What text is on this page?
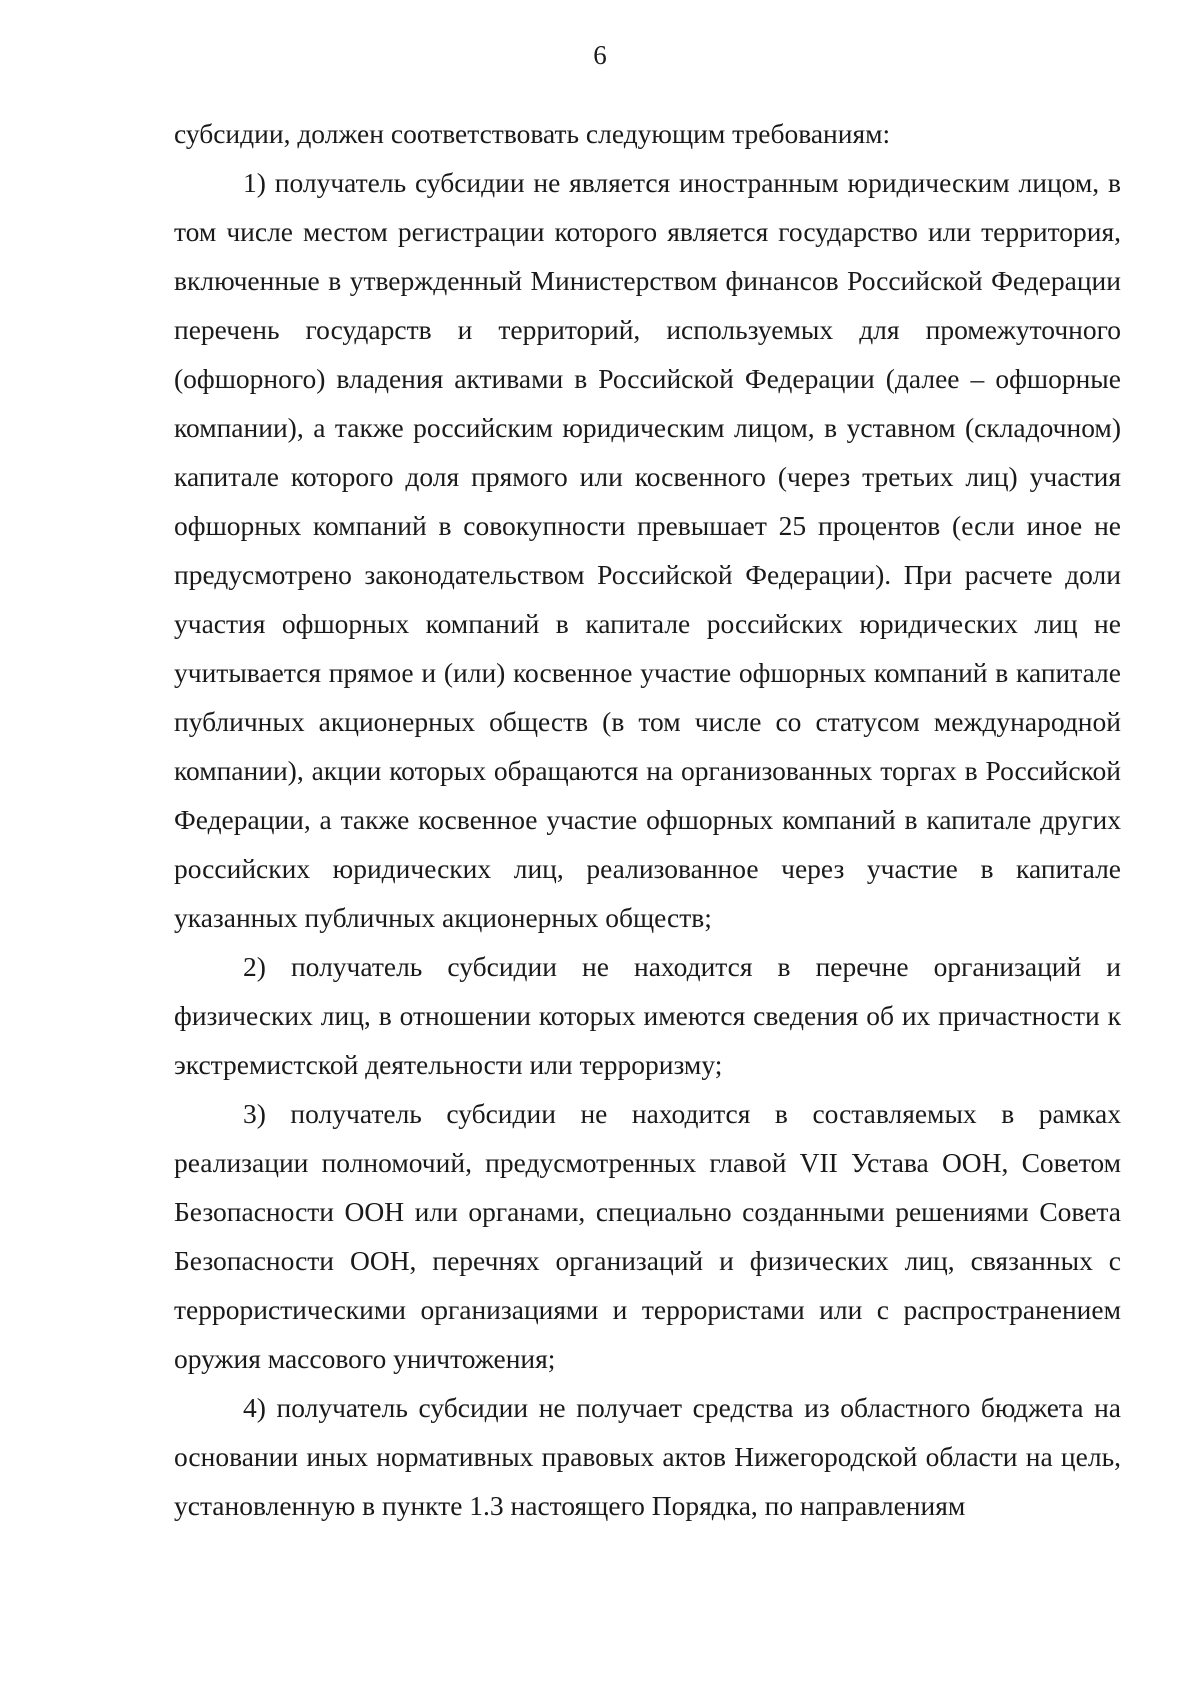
6

субсидии, должен соответствовать следующим требованиям:

1) получатель субсидии не является иностранным юридическим лицом, в том числе местом регистрации которого является государство или территория, включенные в утвержденный Министерством финансов Российской Федерации перечень государств и территорий, используемых для промежуточного (офшорного) владения активами в Российской Федерации (далее – офшорные компании), а также российским юридическим лицом, в уставном (складочном) капитале которого доля прямого или косвенного (через третьих лиц) участия офшорных компаний в совокупности превышает 25 процентов (если иное не предусмотрено законодательством Российской Федерации). При расчете доли участия офшорных компаний в капитале российских юридических лиц не учитывается прямое и (или) косвенное участие офшорных компаний в капитале публичных акционерных обществ (в том числе со статусом международной компании), акции которых обращаются на организованных торгах в Российской Федерации, а также косвенное участие офшорных компаний в капитале других российских юридических лиц, реализованное через участие в капитале указанных публичных акционерных обществ;

2) получатель субсидии не находится в перечне организаций и физических лиц, в отношении которых имеются сведения об их причастности к экстремистской деятельности или терроризму;

3) получатель субсидии не находится в составляемых в рамках реализации полномочий, предусмотренных главой VII Устава ООН, Советом Безопасности ООН или органами, специально созданными решениями Совета Безопасности ООН, перечнях организаций и физических лиц, связанных с террористическими организациями и террористами или с распространением оружия массового уничтожения;

4) получатель субсидии не получает средства из областного бюджета на основании иных нормативных правовых актов Нижегородской области на цель, установленную в пункте 1.3 настоящего Порядка, по направлениям
